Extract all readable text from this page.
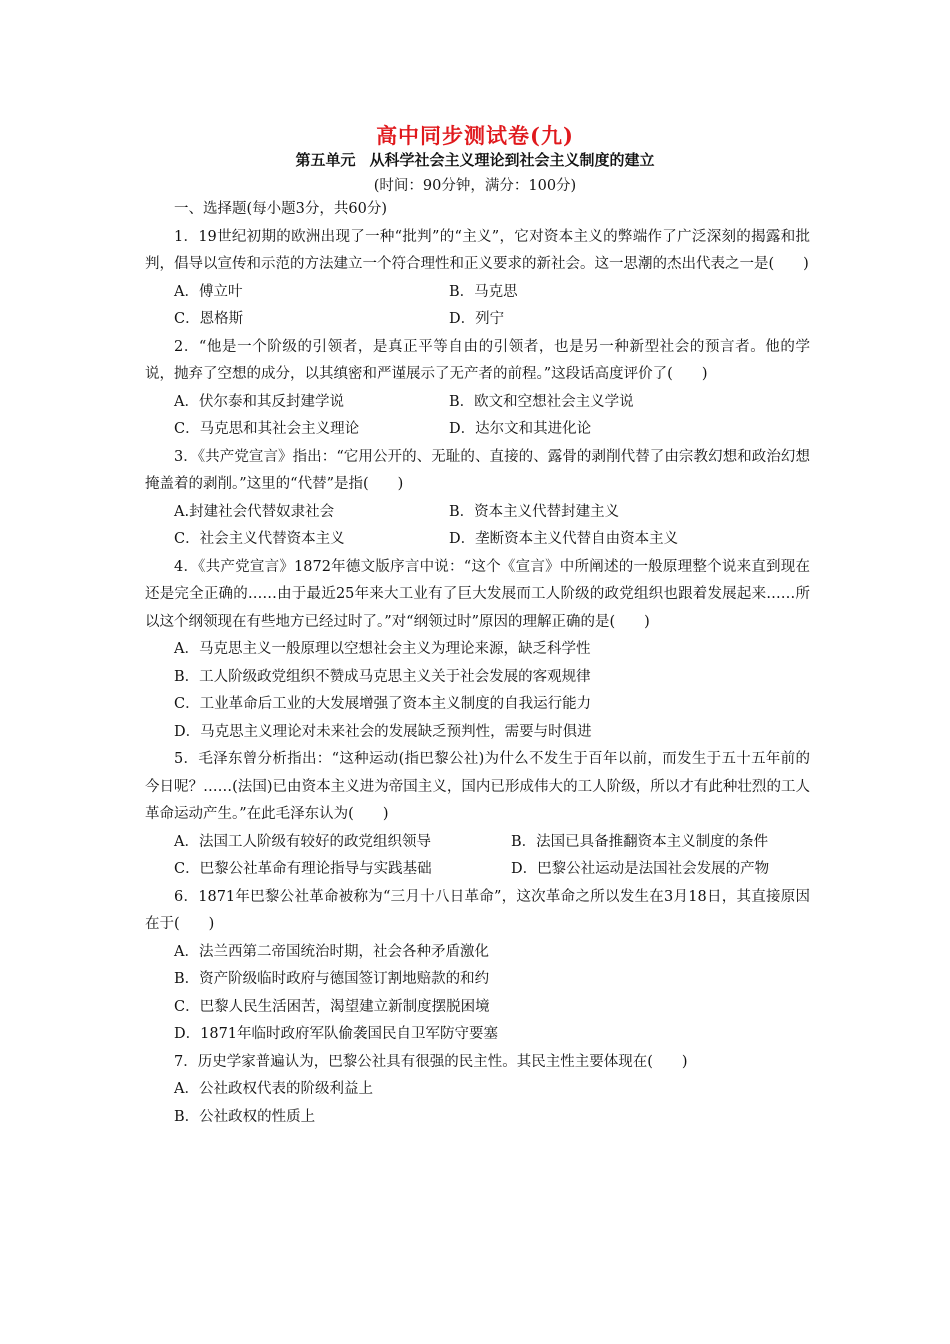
高中同步测试卷(九)
第五单元 从科学社会主义理论到社会主义制度的建立
(时间：90分钟，满分：100分)
一、选择题(每小题3分，共60分)
1．19世纪初期的欧洲出现了一种“批判”的“主义”，它对资本主义的弊端作了广泛深刻的揭露和批判，倡导以宣传和示范的方法建立一个符合理性和正义要求的新社会。这一思潮的杰出代表之一是(　　)
A．傅立叶	B．马克思
C．恩格斯	D．列宁
2．“他是一个阶级的引领者，是真正平等自由的引领者，也是另一种新型社会的预言者。他的学说，抛弃了空想的成分，以其缜密和严谨展示了无产者的前程。”这段话高度评价了(　　)
A．伏尔泰和其反封建学说	B．欧文和空想社会主义学说
C．马克思和其社会主义理论	D．达尔文和其进化论
3．《共产党宣言》指出：“它用公开的、无耻的、直接的、露骨的剥削代替了由宗教幻想和政治幻想掩盖着的剥削。”这里的“代替”是指(　　)
A.封建社会代替奴隶社会	B．资本主义代替封建主义
C．社会主义代替资本主义	D．垄断资本主义代替自由资本主义
4．《共产党宣言》1872年德文版序言中说：“这个《宣言》中所阐述的一般原理整个说来直到现在还是完全正确的……由于最近25年来大工业有了巨大发展而工人阶级的政党组织也跟着发展起来……所以这个纲领现在有些地方已经过时了。”对“纲领过时”原因的理解正确的是(　　)
A．马克思主义一般原理以空想社会主义为理论来源，缺乏科学性
B．工人阶级政党组织不赞成马克思主义关于社会发展的客观规律
C．工业革命后工业的大发展增强了资本主义制度的自我运行能力
D．马克思主义理论对未来社会的发展缺乏预判性，需要与时俱进
5．毛泽东曾分析指出：“这种运动(指巴黎公社)为什么不发生于百年以前，而发生于五十五年前的今日呢？……(法国)已由资本主义进为帝国主义，国内已形成伟大的工人阶级，所以才有此种壮烈的工人革命运动产生。”在此毛泽东认为(　　)
A．法国工人阶级有较好的政党组织领导	B．法国已具备推翻资本主义制度的条件
C．巴黎公社革命有理论指导与实践基础	D．巴黎公社运动是法国社会发展的产物
6．1871年巴黎公社革命被称为“三月十八日革命”，这次革命之所以发生在3月18日，其直接原因在于(　　)
A．法兰西第二帝国统治时期，社会各种矛盾激化
B．资产阶级临时政府与德国签订割地赔款的和约
C．巴黎人民生活困苦，渴望建立新制度摆脱困境
D．1871年临时政府军队偷袭国民自卫军防守要塞
7．历史学家普遍认为，巴黎公社具有很强的民主性。其民主性主要体现在(　　)
A．公社政权代表的阶级利益上
B．公社政权的性质上
